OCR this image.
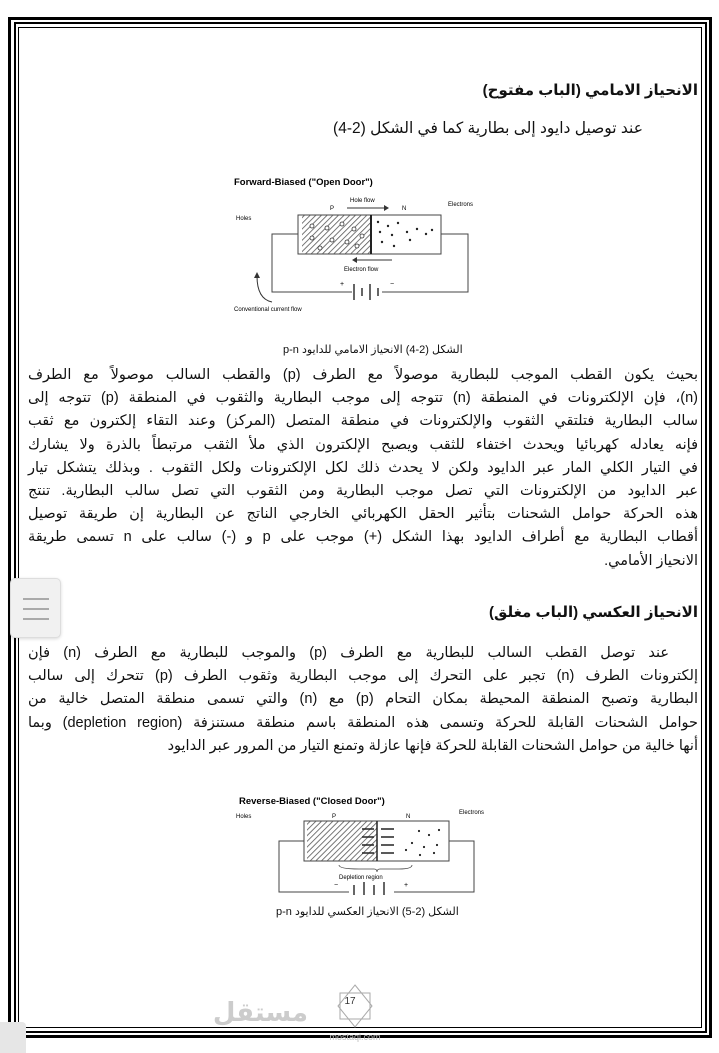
الانحياز الامامي (الباب مفتوح)
عند توصيل دايود إلى بطارية كما في الشكل (2-4)
Forward-Biased ("Open Door")
Hole flow
P	N
Electrons
Holes
+	−
Electron flow
Conventional current flow
الشكل (2-4) الانحياز الامامي للدايود p-n
بحيث يكون القطب الموجب للبطارية موصولاً مع الطرف (p) والقطب السالب موصولاً مع الطرف
(n)، فإن الإلكترونات في المنطقة (n) تتوجه إلى موجب البطارية والثقوب في المنطقة (p) تتوجه إلى
سالب البطارية فتلتقي الثقوب والإلكترونات في منطقة المتصل (المركز) وعند التقاء إلكترون مع ثقب
فإنه يعادله كهربائيا ويحدث اختفاء للثقب ويصبح الإلكترون الذي ملأ الثقب مرتبطاً بالذرة ولا يشارك
في التيار الكلي المار عبر الدايود ولكن لا يحدث ذلك لكل الإلكترونات ولكل الثقوب . وبذلك يتشكل تيار
عبر الدايود من الإلكترونات التي تصل موجب البطارية ومن الثقوب التي تصل سالب البطارية. تنتج
هذه الحركة حوامل الشحنات بتأثير الحقل الكهربائي الخارجي الناتج عن البطارية إن طريقة توصيل
أقطاب البطارية مع أطراف الدايود بهذا الشكل (+) موجب على p و (-) سالب على n تسمى طريقة
الانحياز الأمامي.
الانحياز العكسي (الباب مغلق)
عند توصل القطب السالب للبطارية مع الطرف (p) والموجب للبطارية مع الطرف (n) فإن
إلكترونات الطرف (n) تجبر على التحرك إلى موجب البطارية وثقوب الطرف (p) تتحرك إلى سالب
البطارية وتصبح المنطقة المحيطة بمكان التحام (p) مع (n) والتي تسمى منطقة المتصل خالية من
حوامل الشحنات القابلة للحركة وتسمى هذه المنطقة باسم منطقة مستنزفة (depletion region) وبما
أنها خالية من حوامل الشحنات القابلة للحركة فإنها عازلة وتمنع التيار من المرور عبر الدايود
Reverse-Biased ("Closed Door")
Holes	P	N
Electrons
Depletion region
−	+
الشكل (2-5) الانحياز العكسي للدايود p-n
مستقل
mostaql.com
17
